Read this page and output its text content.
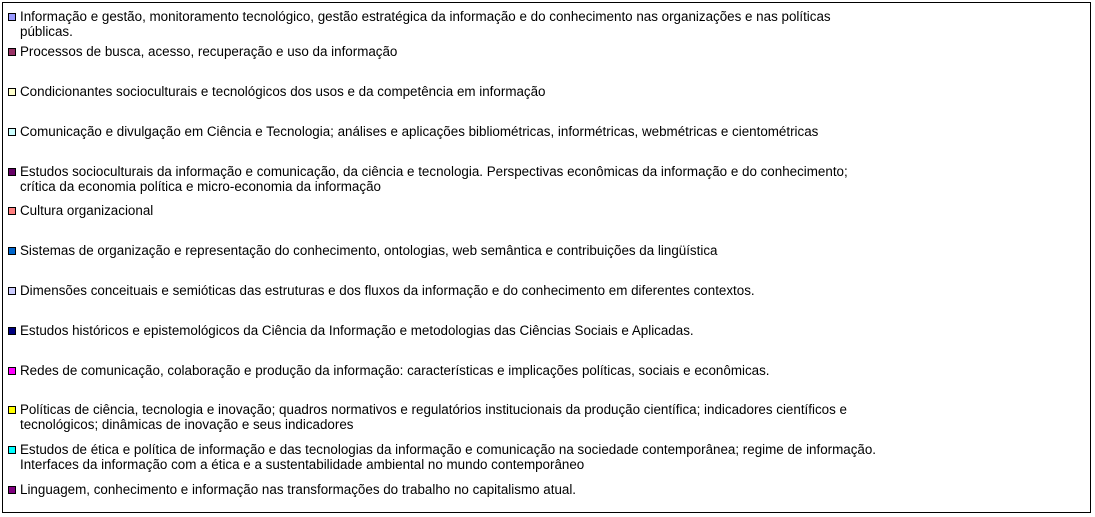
Informação e gestão, monitoramento tecnológico, gestão estratégica da informação e do conhecimento nas organizações e nas políticas
públicas.
Processos de busca, acesso, recuperação e uso da informação
Condicionantes socioculturais e tecnológicos dos usos e da competência em informação
Comunicação e divulgação em Ciência e Tecnologia; análises e aplicações bibliométricas, informétricas, webmétricas e cientométricas
Estudos socioculturais da informação e comunicação, da ciência e tecnologia. Perspectivas econômicas da informação e do conhecimento;
crítica da economia política e micro-economia da informação
Cultura organizacional
Sistemas de organização e representação do conhecimento, ontologias, web semântica e contribuições da lingüística
Dimensões conceituais e semióticas das estruturas e dos fluxos da informação e do conhecimento em diferentes contextos.
Estudos históricos e epistemológicos da Ciência da Informação e metodologias das Ciências Sociais e Aplicadas.
Redes de comunicação, colaboração e produção da informação: características e implicações políticas, sociais e econômicas.
Políticas de ciência, tecnologia e inovação; quadros normativos e regulatórios institucionais da produção científica; indicadores científicos e
tecnológicos; dinâmicas de inovação e seus indicadores
Estudos de ética e política de informação e das tecnologias da informação e comunicação na sociedade contemporânea; regime de informação.
Interfaces da informação com a ética e a sustentabilidade ambiental no mundo contemporâneo
Linguagem, conhecimento e informação nas transformações do trabalho no capitalismo atual.
